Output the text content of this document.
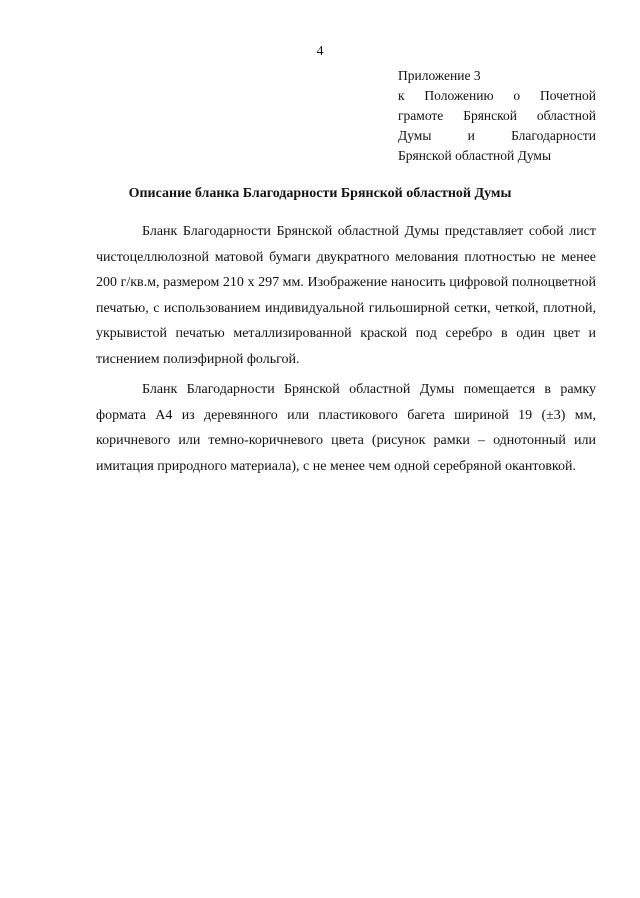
4
Приложение 3
к Положению о Почетной
грамоте Брянской областной
Думы и Благодарности
Брянской областной Думы
Описание бланка Благодарности Брянской областной Думы

Бланк Благодарности Брянской областной Думы представляет собой лист чистоцеллюлозной матовой бумаги двукратного мелования плотностью не менее 200 г/кв.м, размером 210 х 297 мм. Изображение наносить цифровой полноцветной печатью, с использованием индивидуальной гильоширной сетки, четкой, плотной, укрывистой печатью металлизированной краской под серебро в один цвет и тиснением полиэфирной фольгой.

Бланк Благодарности Брянской областной Думы помещается в рамку формата А4 из деревянного или пластикового багета шириной 19 (±3) мм, коричневого или темно-коричневого цвета (рисунок рамки – однотонный или имитация природного материала), с не менее чем одной серебряной окантовкой.
